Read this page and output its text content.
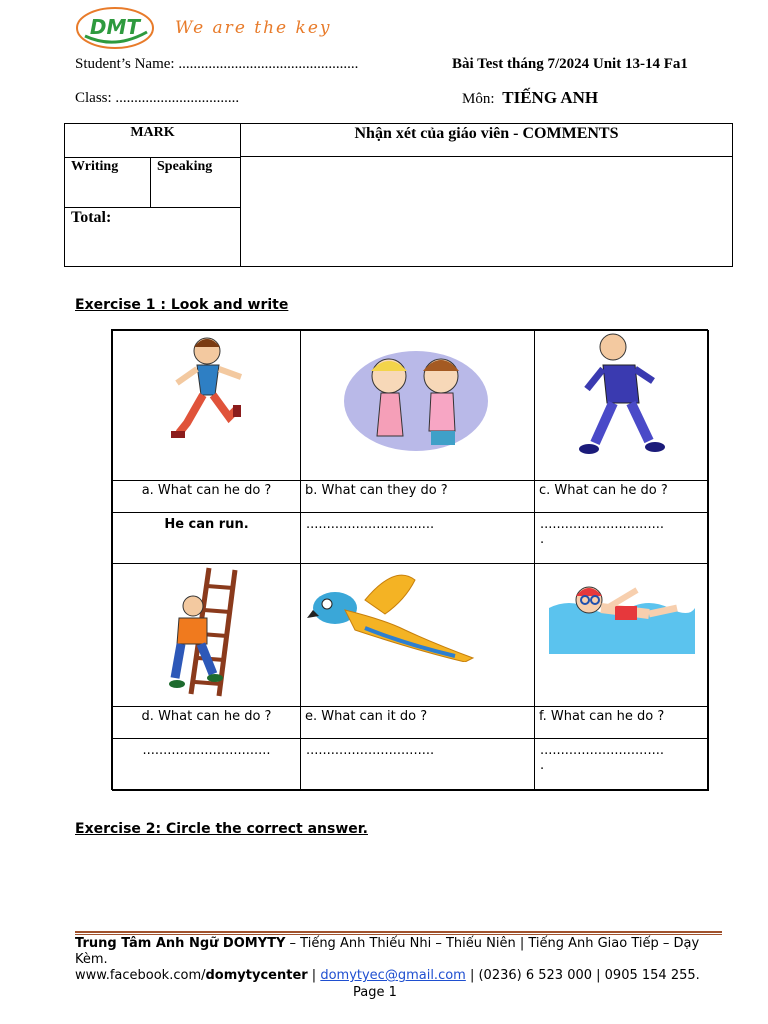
DMT We are the key
Student’s Name: ................................................	Bài Test tháng 7/2024 Unit 13-14 Fa1
Class: .................................	Môn: TIẾNG ANH
MARK		Nhận xét của giáo viên - COMMENTS

Writing	Speaking	
Total:		
Exercise 1 : Look and write
a. What can he do ?	b. What can they do ?	c. What can he do ?
He can run.	...............................	..............................
.
d. What can he do ?	e. What can it do ?	f. What can he do ?
...............................	...............................	..............................
.
Exercise 2: Circle the correct answer.
Trung Tâm Anh Ngữ DOMYTY – Tiếng Anh Thiếu Nhi – Thiếu Niên | Tiếng Anh Giao Tiếp – Dạy Kèm.
www.facebook.com/domytycenter | domytyec@gmail.com | (0236) 6 523 000 | 0905 154 255.
Page 1
